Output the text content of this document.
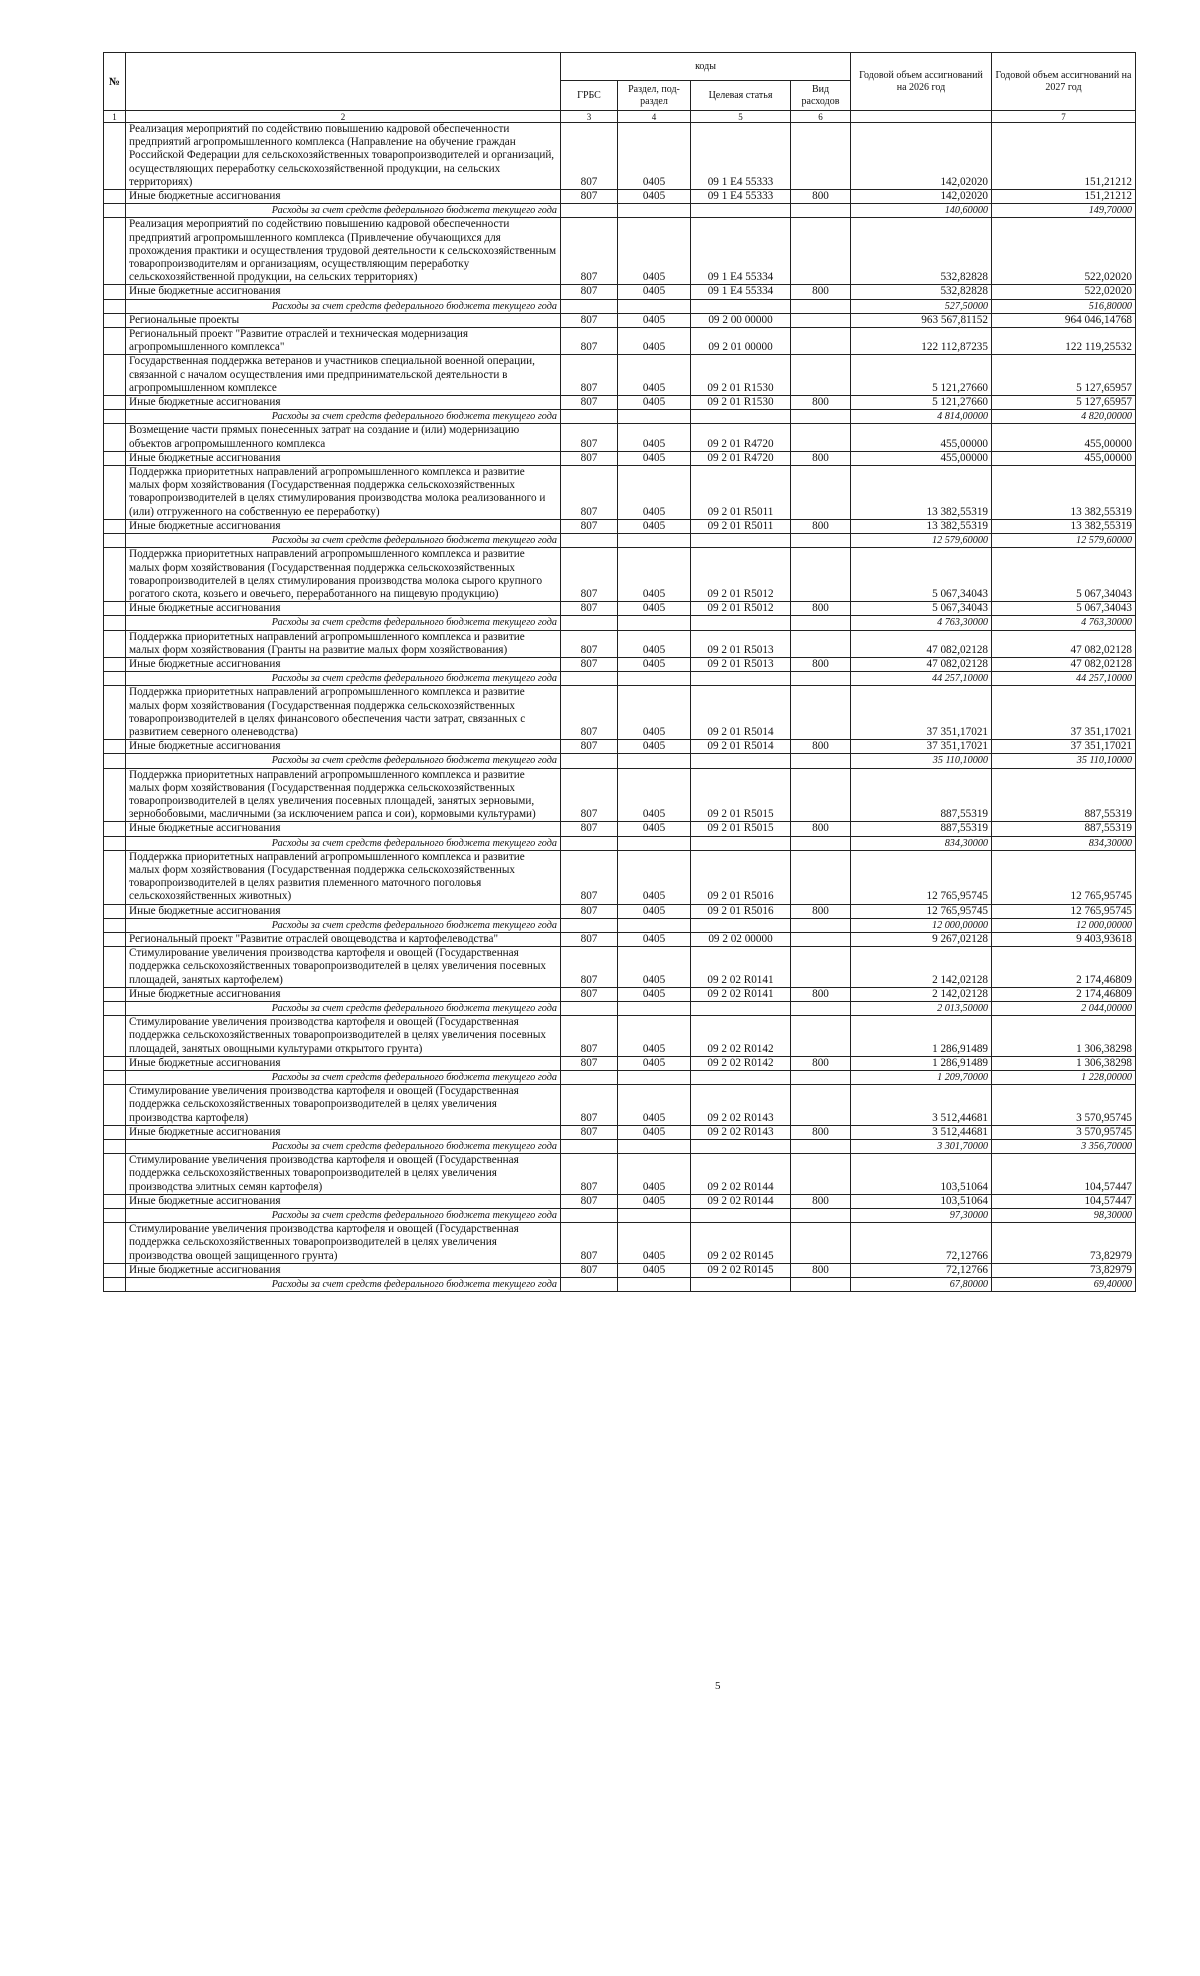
№		коды				Годовой объем ассигнований на 2026 год	Годовой объем ассигнований на 2027 год
		ГРБС	Раздел, под-раздел	Целевая статья	Вид расходов		
1	2	3	4	5	6		7
	Реализация мероприятий по содействию повышению кадровой обеспеченности предприятий агропромышленного комплекса (Направление на обучение граждан Российской Федерации для сельскохозяйственных товаропроизводителей и организаций, осуществляющих переработку сельскохозяйственной продукции, на сельских территориях)	807	0405	09 1 E4 55333		142,02020	151,21212
	Иные бюджетные ассигнования	807	0405	09 1 E4 55333	800	142,02020	151,21212
	Расходы за счет средств федерального бюджета текущего года					140,60000	149,70000
	Реализация мероприятий по содействию повышению кадровой обеспеченности предприятий агропромышленного комплекса (Привлечение обучающихся для прохождения практики и осуществления трудовой деятельности к сельскохозяйственным товаропроизводителям и организациям, осуществляющим переработку сельскохозяйственной продукции, на сельских территориях)	807	0405	09 1 E4 55334		532,82828	522,02020
	Иные бюджетные ассигнования	807	0405	09 1 E4 55334	800	532,82828	522,02020
	Расходы за счет средств федерального бюджета текущего года					527,50000	516,80000
	Региональные проекты	807	0405	09 2 00 00000		963 567,81152	964 046,14768
	Региональный проект "Развитие отраслей и техническая модернизация агропромышленного комплекса"	807	0405	09 2 01 00000		122 112,87235	122 119,25532
	Государственная поддержка ветеранов и участников специальной военной операции, связанной с началом осуществления ими предпринимательской деятельности в агропромышленном комплексе	807	0405	09 2 01 R1530		5 121,27660	5 127,65957
	Иные бюджетные ассигнования	807	0405	09 2 01 R1530	800	5 121,27660	5 127,65957
	Расходы за счет средств федерального бюджета текущего года					4 814,00000	4 820,00000
	Возмещение части прямых понесенных затрат на создание и (или) модернизацию объектов агропромышленного комплекса	807	0405	09 2 01 R4720		455,00000	455,00000
	Иные бюджетные ассигнования	807	0405	09 2 01 R4720	800	455,00000	455,00000
	Поддержка приоритетных направлений агропромышленного комплекса и развитие малых форм хозяйствования (Государственная поддержка сельскохозяйственных товаропроизводителей в целях стимулирования производства молока реализованного и (или) отгруженного на собственную ее переработку)	807	0405	09 2 01 R5011		13 382,55319	13 382,55319
	Иные бюджетные ассигнования	807	0405	09 2 01 R5011	800	13 382,55319	13 382,55319
	Расходы за счет средств федерального бюджета текущего года					12 579,60000	12 579,60000
	Поддержка приоритетных направлений агропромышленного комплекса и развитие малых форм хозяйствования (Государственная поддержка сельскохозяйственных товаропроизводителей в целях стимулирования производства молока сырого крупного рогатого скота, козьего и овечьего, переработанного на пищевую продукцию)	807	0405	09 2 01 R5012		5 067,34043	5 067,34043
	Иные бюджетные ассигнования	807	0405	09 2 01 R5012	800	5 067,34043	5 067,34043
	Расходы за счет средств федерального бюджета текущего года					4 763,30000	4 763,30000
	Поддержка приоритетных направлений агропромышленного комплекса и развитие малых форм хозяйствования (Гранты на развитие малых форм хозяйствования)	807	0405	09 2 01 R5013		47 082,02128	47 082,02128
	Иные бюджетные ассигнования	807	0405	09 2 01 R5013	800	47 082,02128	47 082,02128
	Расходы за счет средств федерального бюджета текущего года					44 257,10000	44 257,10000
	Поддержка приоритетных направлений агропромышленного комплекса и развитие малых форм хозяйствования (Государственная поддержка сельскохозяйственных товаропроизводителей в целях финансового обеспечения части затрат, связанных с развитием северного оленеводства)	807	0405	09 2 01 R5014		37 351,17021	37 351,17021
	Иные бюджетные ассигнования	807	0405	09 2 01 R5014	800	37 351,17021	37 351,17021
	Расходы за счет средств федерального бюджета текущего года					35 110,10000	35 110,10000
	Поддержка приоритетных направлений агропромышленного комплекса и развитие малых форм хозяйствования (Государственная поддержка сельскохозяйственных товаропроизводителей в целях увеличения посевных площадей, занятых зерновыми, зернобобовыми, масличными (за исключением рапса и сои), кормовыми культурами)	807	0405	09 2 01 R5015		887,55319	887,55319
	Иные бюджетные ассигнования	807	0405	09 2 01 R5015	800	887,55319	887,55319
	Расходы за счет средств федерального бюджета текущего года					834,30000	834,30000
	Поддержка приоритетных направлений агропромышленного комплекса и развитие малых форм хозяйствования (Государственная поддержка сельскохозяйственных товаропроизводителей в целях развития племенного маточного поголовья сельскохозяйственных животных)	807	0405	09 2 01 R5016		12 765,95745	12 765,95745
	Иные бюджетные ассигнования	807	0405	09 2 01 R5016	800	12 765,95745	12 765,95745
	Расходы за счет средств федерального бюджета текущего года					12 000,00000	12 000,00000
	Региональный проект "Развитие отраслей овощеводства и картофелеводства"	807	0405	09 2 02 00000		9 267,02128	9 403,93618
	Стимулирование увеличения производства картофеля и овощей (Государственная поддержка сельскохозяйственных товаропроизводителей в целях увеличения посевных площадей, занятых картофелем)	807	0405	09 2 02 R0141		2 142,02128	2 174,46809
	Иные бюджетные ассигнования	807	0405	09 2 02 R0141	800	2 142,02128	2 174,46809
	Расходы за счет средств федерального бюджета текущего года					2 013,50000	2 044,00000
	Стимулирование увеличения производства картофеля и овощей (Государственная поддержка сельскохозяйственных товаропроизводителей в целях увеличения посевных площадей, занятых овощными культурами открытого грунта)	807	0405	09 2 02 R0142		1 286,91489	1 306,38298
	Иные бюджетные ассигнования	807	0405	09 2 02 R0142	800	1 286,91489	1 306,38298
	Расходы за счет средств федерального бюджета текущего года					1 209,70000	1 228,00000
	Стимулирование увеличения производства картофеля и овощей (Государственная поддержка сельскохозяйственных товаропроизводителей в целях увеличения производства картофеля)	807	0405	09 2 02 R0143		3 512,44681	3 570,95745
	Иные бюджетные ассигнования	807	0405	09 2 02 R0143	800	3 512,44681	3 570,95745
	Расходы за счет средств федерального бюджета текущего года					3 301,70000	3 356,70000
	Стимулирование увеличения производства картофеля и овощей (Государственная поддержка сельскохозяйственных товаропроизводителей в целях увеличения производства элитных семян картофеля)	807	0405	09 2 02 R0144		103,51064	104,57447
	Иные бюджетные ассигнования	807	0405	09 2 02 R0144	800	103,51064	104,57447
	Расходы за счет средств федерального бюджета текущего года					97,30000	98,30000
	Стимулирование увеличения производства картофеля и овощей (Государственная поддержка сельскохозяйственных товаропроизводителей в целях увеличения производства овощей защищенного грунта)	807	0405	09 2 02 R0145		72,12766	73,82979
	Иные бюджетные ассигнования	807	0405	09 2 02 R0145	800	72,12766	73,82979
	Расходы за счет средств федерального бюджета текущего года					67,80000	69,40000
5
